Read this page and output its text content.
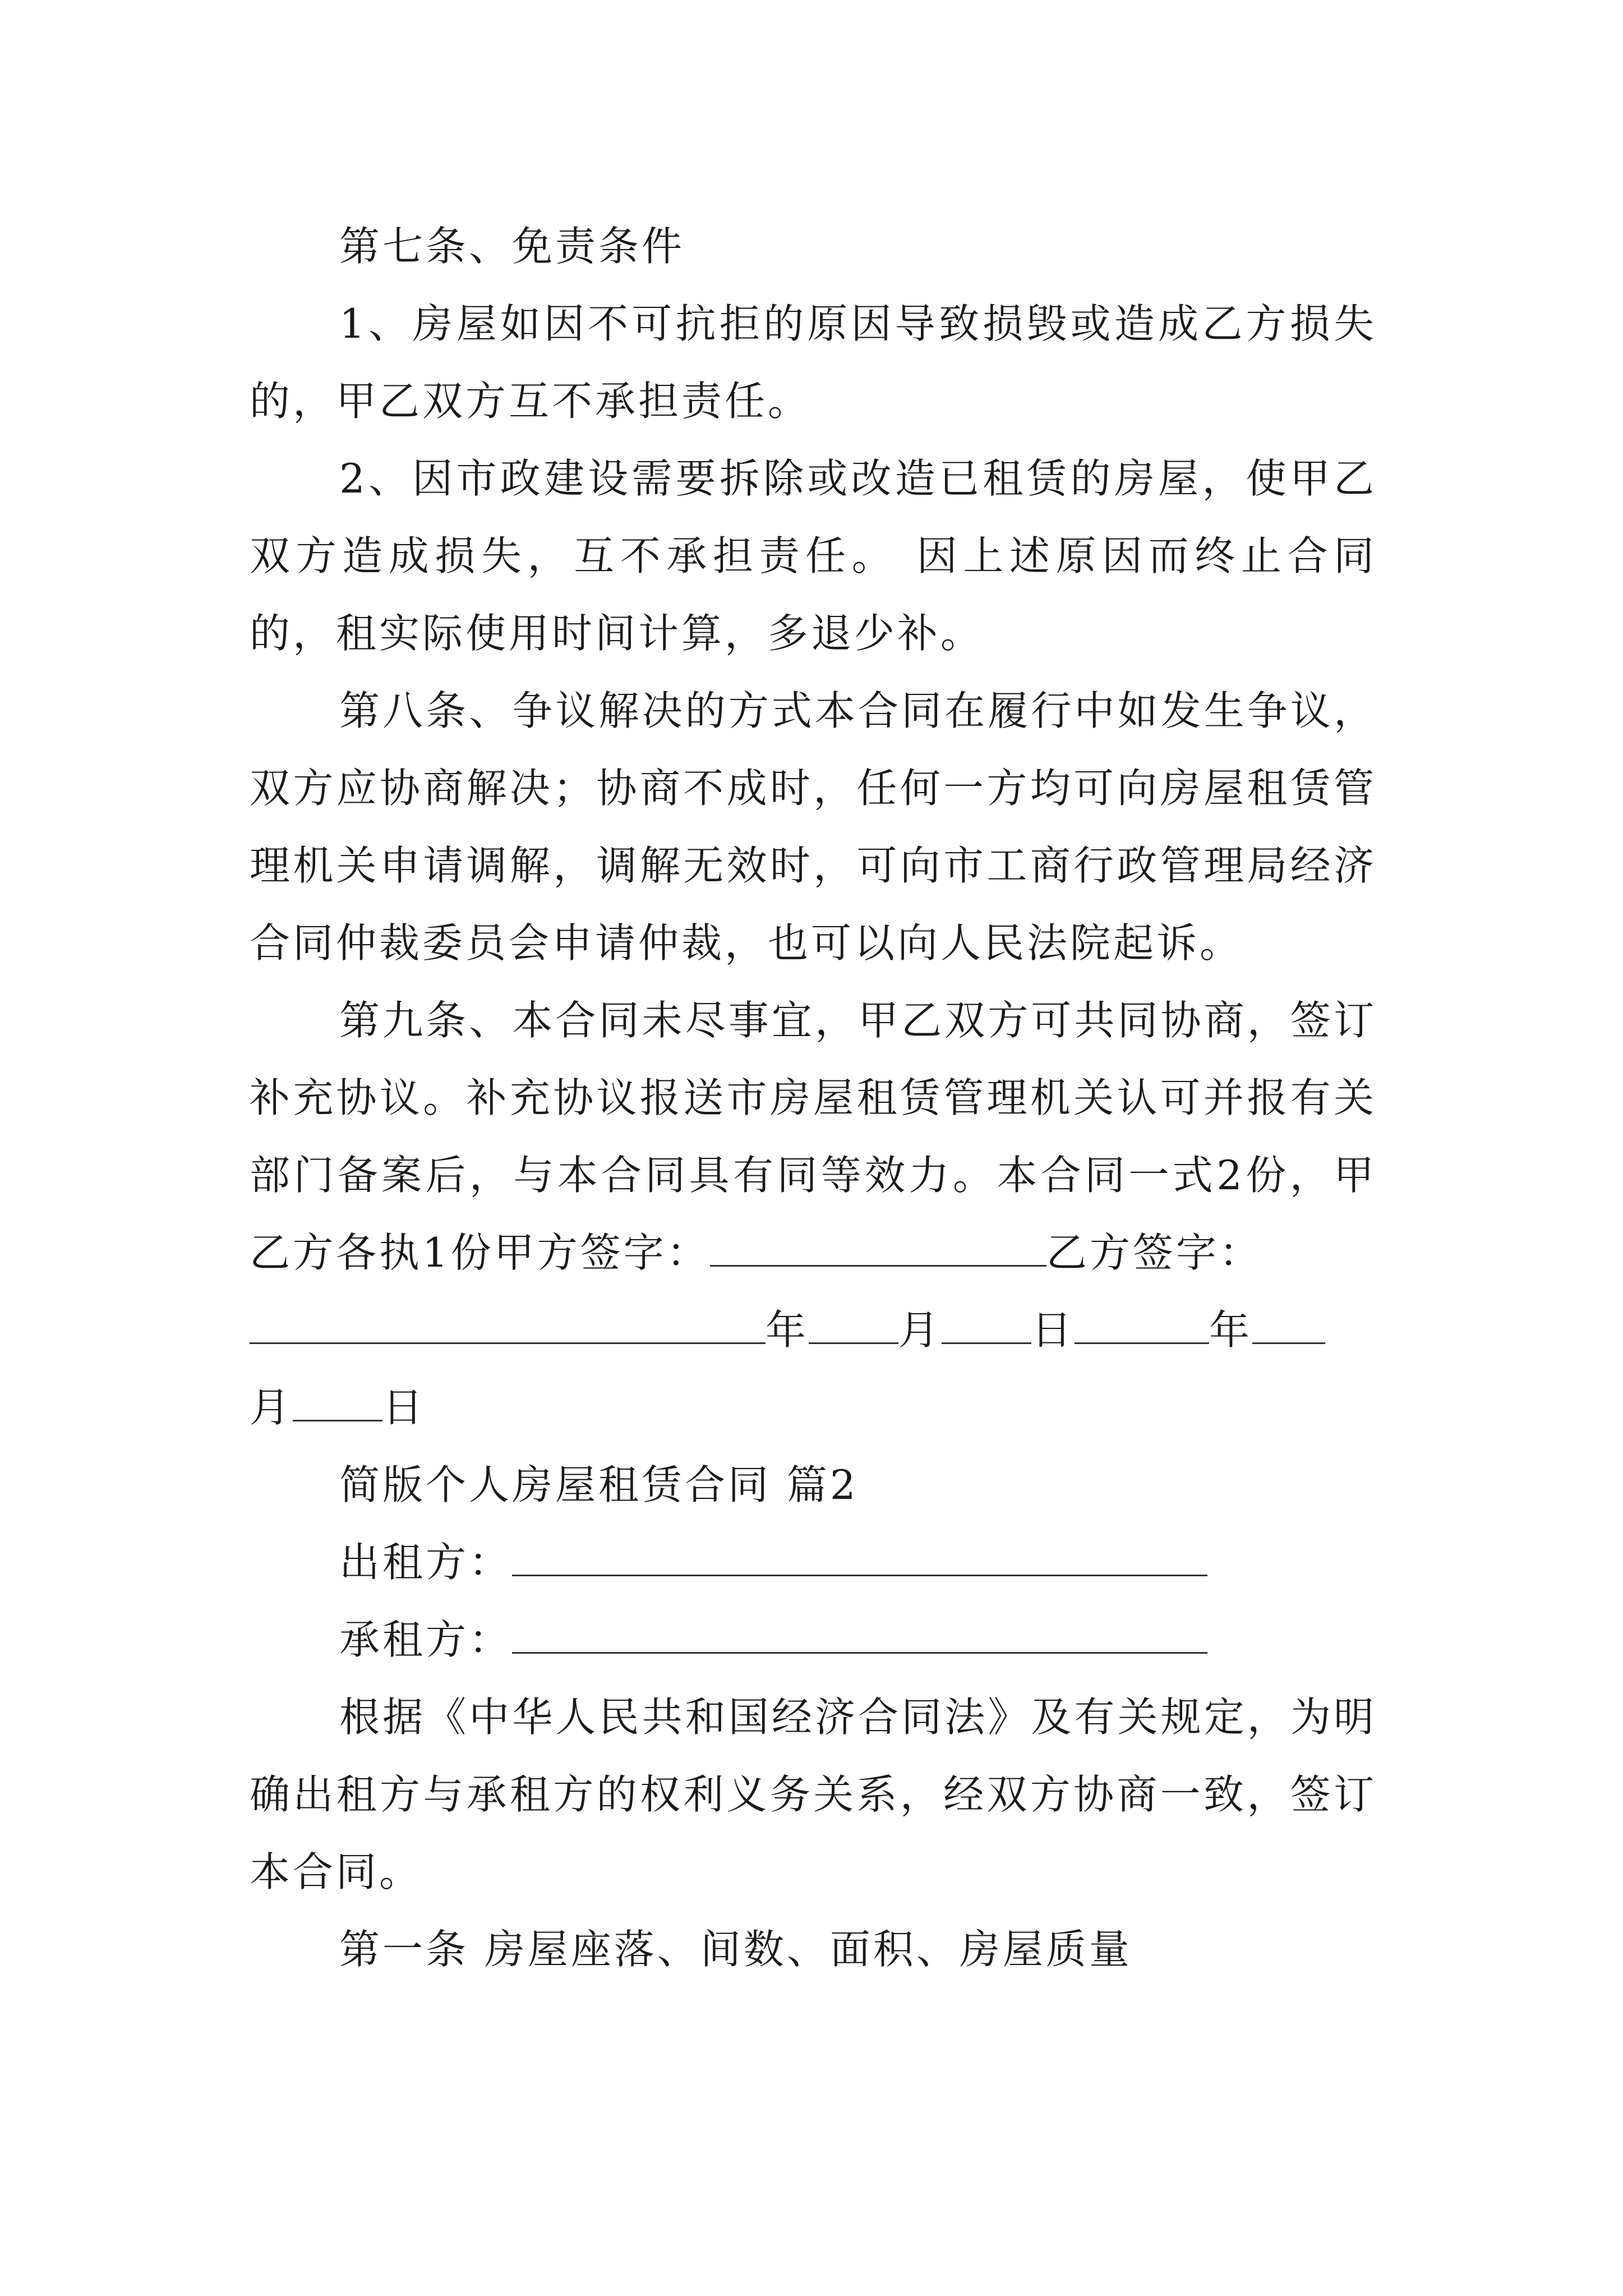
第七条、免责条件

1、房屋如因不可抗拒的原因导致损毁或造成乙方损失的，甲乙双方互不承担责任。

2、因市政建设需要拆除或改造已租赁的房屋，使甲乙双方造成损失，互不承担责任。 因上述原因而终止合同的，租实际使用时间计算，多退少补。

第八条、争议解决的方式本合同在履行中如发生争议，双方应协商解决；协商不成时，任何一方均可向房屋租赁管理机关申请调解，调解无效时，可向市工商行政管理局经济合同仲裁委员会申请仲裁，也可以向人民法院起诉。

第九条、本合同未尽事宜，甲乙双方可共同协商，签订补充协议。补充协议报送市房屋租赁管理机关认可并报有关部门备案后，与本合同具有同等效力。本合同一式2份，甲乙方各执1份甲方签字：	乙方签字：

年 月 日	年

月 日

简版个人房屋租赁合同 篇2

出租方：

承租方：

根据《中华人民共和国经济合同法》及有关规定，为明确出租方与承租方的权利义务关系，经双方协商一致，签订本合同。

第一条 房屋座落、间数、面积、房屋质量
